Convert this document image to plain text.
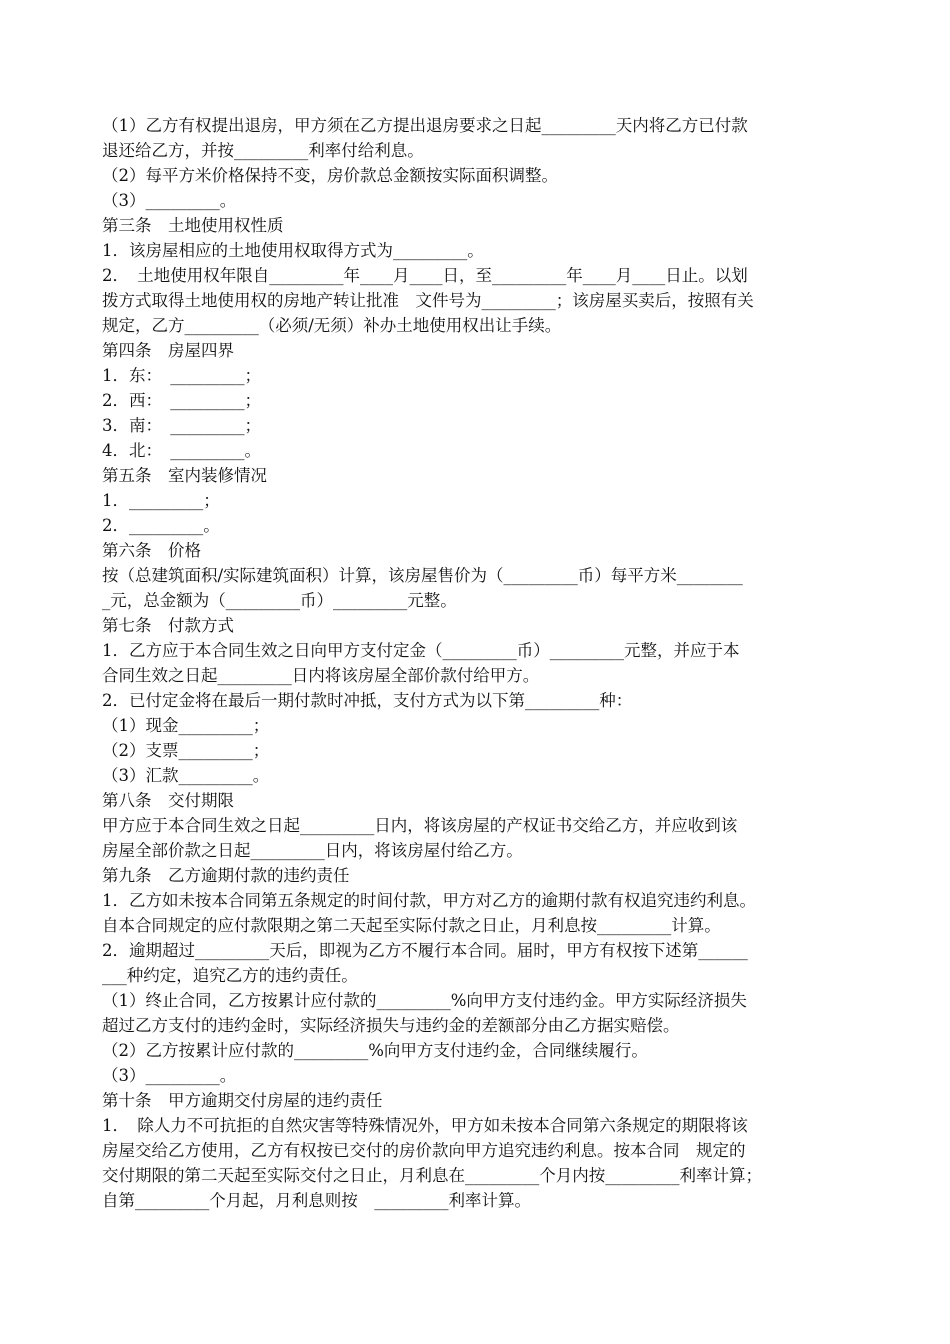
（1）乙方有权提出退房，甲方须在乙方提出退房要求之日起_________天内将乙方已付款
退还给乙方，并按_________利率付给利息。
（2）每平方米价格保持不变，房价款总金额按实际面积调整。
（3）_________。
第三条　土地使用权性质
1．该房屋相应的土地使用权取得方式为_________。
2．　土地使用权年限自_________年____月____日，至_________年____月____日止。以划
拨方式取得土地使用权的房地产转让批准　文件号为_________；该房屋买卖后，按照有关
规定，乙方_________（必须/无须）补办土地使用权出让手续。
第四条　房屋四界
1．东：　_________；
2．西：　_________；
3．南：　_________；
4．北：　_________。
第五条　室内装修情况
1．_________；
2．_________。
第六条　价格
按（总建筑面积/实际建筑面积）计算，该房屋售价为（_________币）每平方米________
_元，总金额为（_________币）_________元整。
第七条　付款方式
1．乙方应于本合同生效之日向甲方支付定金（_________币）_________元整，并应于本
合同生效之日起_________日内将该房屋全部价款付给甲方。
2．已付定金将在最后一期付款时冲抵，支付方式为以下第_________种：
（1）现金_________；
（2）支票_________；
（3）汇款_________。
第八条　交付期限
甲方应于本合同生效之日起_________日内，将该房屋的产权证书交给乙方，并应收到该
房屋全部价款之日起_________日内，将该房屋付给乙方。
第九条　乙方逾期付款的违约责任
1．乙方如未按本合同第五条规定的时间付款，甲方对乙方的逾期付款有权追究违约利息。
自本合同规定的应付款限期之第二天起至实际付款之日止，月利息按_________计算。
2．逾期超过_________天后，即视为乙方不履行本合同。届时，甲方有权按下述第______
___种约定，追究乙方的违约责任。
（1）终止合同，乙方按累计应付款的_________%向甲方支付违约金。甲方实际经济损失
超过乙方支付的违约金时，实际经济损失与违约金的差额部分由乙方据实赔偿。
（2）乙方按累计应付款的_________%向甲方支付违约金，合同继续履行。
（3）_________。
第十条　甲方逾期交付房屋的违约责任
1．　除人力不可抗拒的自然灾害等特殊情况外，甲方如未按本合同第六条规定的期限将该
房屋交给乙方使用，乙方有权按已交付的房价款向甲方追究违约利息。按本合同　规定的
交付期限的第二天起至实际交付之日止，月利息在_________个月内按_________利率计算；
自第_________个月起，月利息则按　_________利率计算。
